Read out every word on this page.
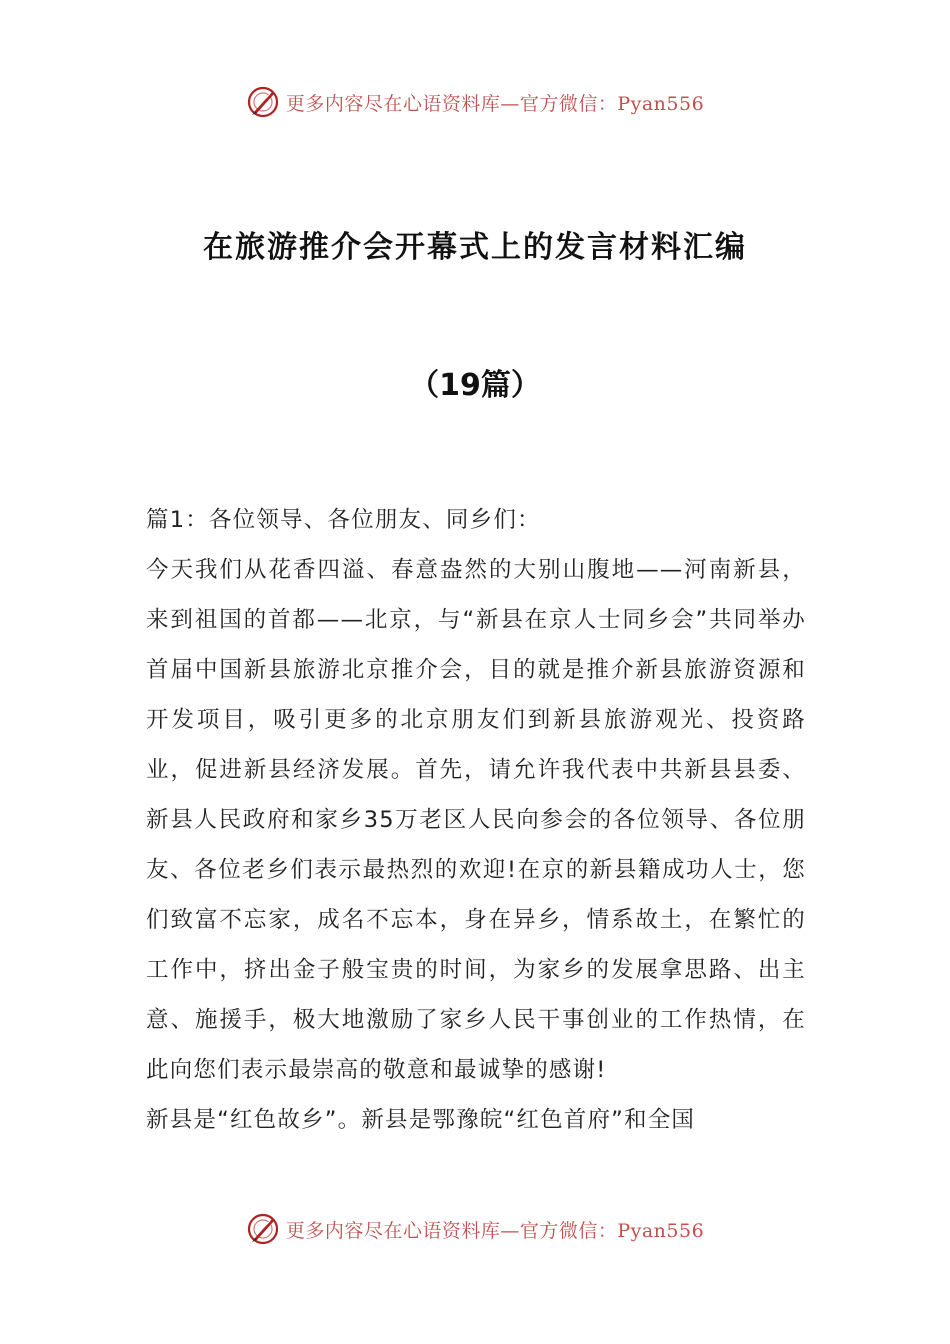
更多内容尽在心语资料库—官方微信：Pyan556
在旅游推介会开幕式上的发言材料汇编
（19篇）

篇1：各位领导、各位朋友、同乡们：

今天我们从花香四溢、春意盎然的大别山腹地——河南新县，来到祖国的首都——北京，与“新县在京人士同乡会”共同举办首届中国新县旅游北京推介会，目的就是推介新县旅游资源和开发项目，吸引更多的北京朋友们到新县旅游观光、投资路业，促进新县经济发展。首先，请允许我代表中共新县县委、新县人民政府和家乡35万老区人民向参会的各位领导、各位朋友、各位老乡们表示最热烈的欢迎!在京的新县籍成功人士，您们致富不忘家，成名不忘本，身在异乡，情系故土，在繁忙的工作中，挤出金子般宝贵的时间，为家乡的发展拿思路、出主意、施援手，极大地激励了家乡人民干事创业的工作热情，在此向您们表示最崇高的敬意和最诚挚的感谢!

新县是“红色故乡”。新县是鄂豫皖“红色首府”和全国

更多内容尽在心语资料库—官方微信：Pyan556
